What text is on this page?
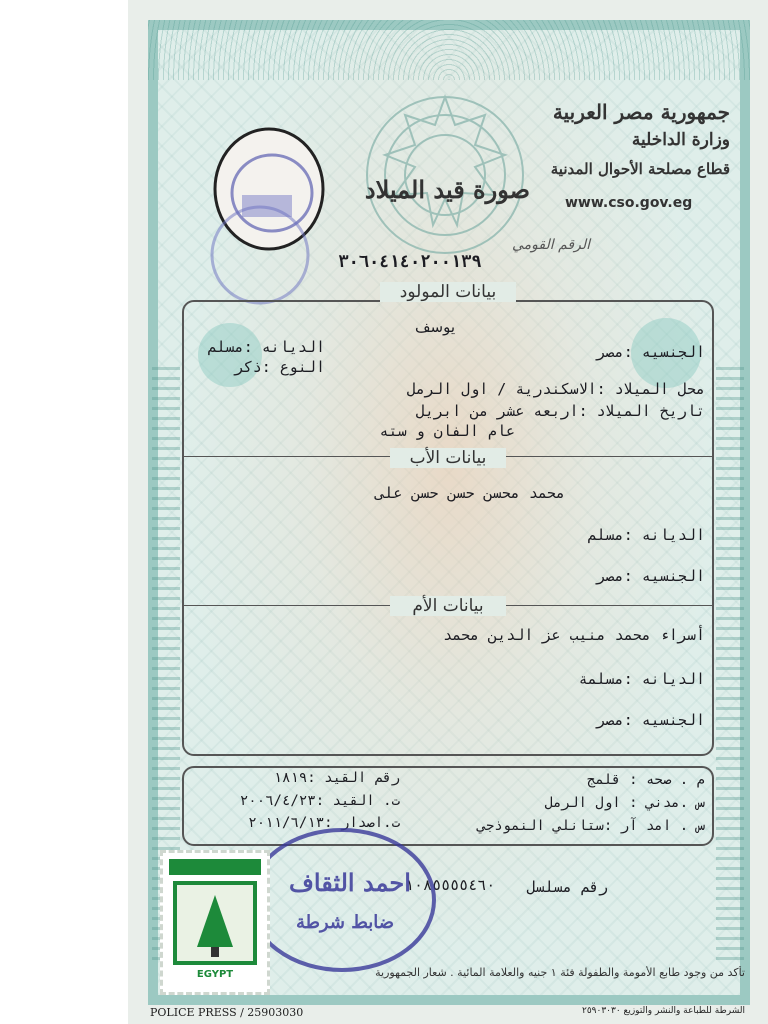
جمهورية مصر العربية
وزارة الداخلية
قطاع مصلحة الأحوال المدنية
www.cso.gov.eg
صورة قيد الميلاد
الرقم القومي
٣٠٦٠٤١٤٠٢٠٠١٣٩
بيانات المولود
يوسف
الديانه :مسلم
النوع :ذكر
الجنسيه :مصر
محل الميلاد :الاسكندرية / اول الرمل
تاريخ الميلاد :اربعه عشر من ابريل
عام الفان و سته
بيانات الأب
محمد محسن حسن حسن على
الديانه :مسلم
الجنسيه :مصر
بيانات الأم
أسراء محمد منيب عز الدين محمد
الديانه :مسلمة
الجنسيه :مصر
م . صحه : قلمج
س .مدني : اول الرمل
س . امد آر :ستانلي النموذجي
رقم القيد :١٨١٩
ت. القيد :٢٠٠٦/٤/٢٣
ت.اصدار :٢٠١١/٦/١٣
رقم مسلسل
١٠٨٥٥٥٥٤٦٠
احمد الثقاف
ضابط شرطة
EGYPT	تأكد من وجود طابع الأمومة والطفولة فئة ١ جنيه والعلامة المائية . شعار الجمهورية
POLICE PRESS / 25903030	الشرطة للطباعة والنشر والتوزيع ٢٥٩٠٣٠٣٠
